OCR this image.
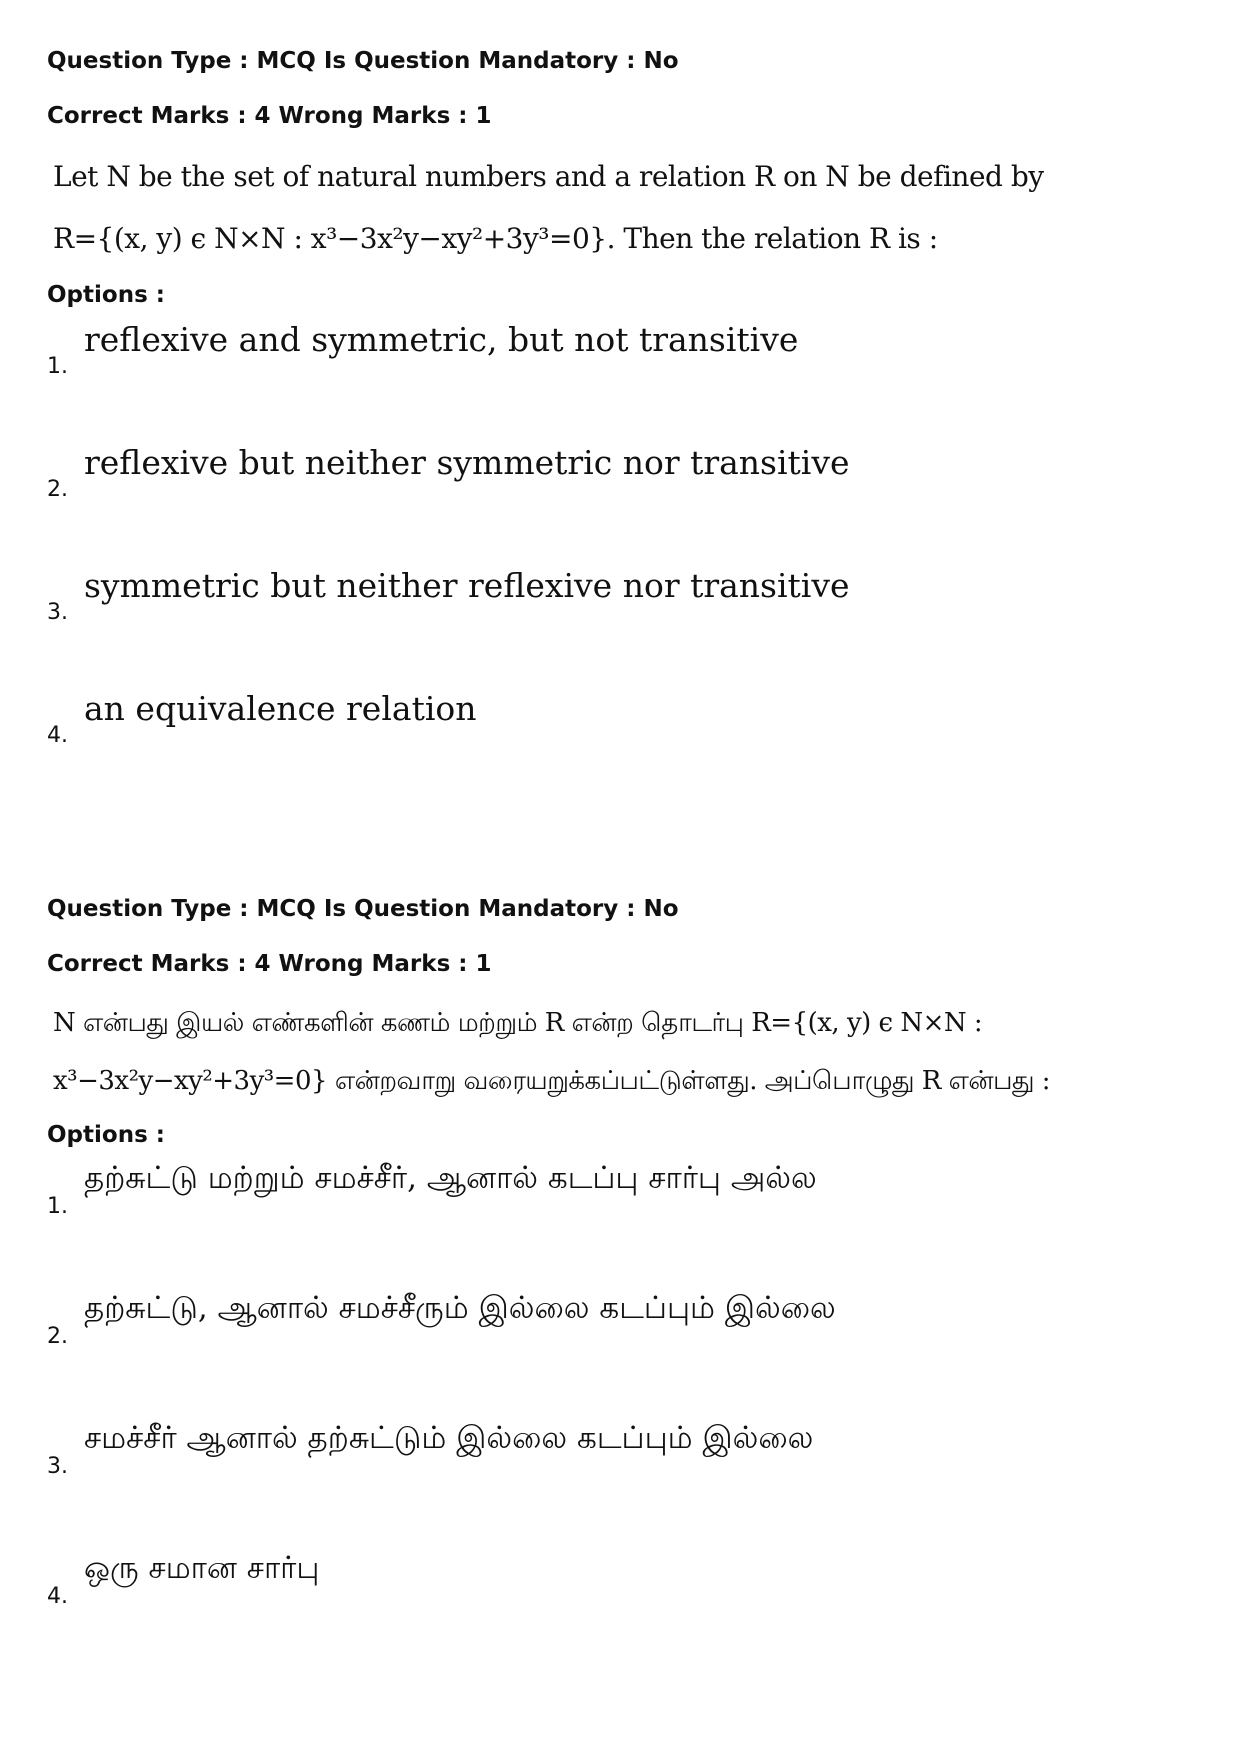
Question Type : MCQ Is Question Mandatory : No
Correct Marks : 4 Wrong Marks : 1
Let N be the set of natural numbers and a relation R on N be defined by
R={(x, y) ϵ N×N : x³−3x²y−xy²+3y³=0}. Then the relation R is :
Options :
1.
reflexive and symmetric, but not transitive
2.
reflexive but neither symmetric nor transitive
3.
symmetric but neither reflexive nor transitive
4.
an equivalence relation
Question Type : MCQ Is Question Mandatory : No
Correct Marks : 4 Wrong Marks : 1
N என்பது இயல் எண்களின் கணம் மற்றும் R என்ற தொடர்பு R={(x, y) ϵ N×N :
x³−3x²y−xy²+3y³=0} என்றவாறு வரையறுக்கப்பட்டுள்ளது. அப்பொழுது R என்பது :
Options :
1.
தற்சுட்டு மற்றும் சமச்சீர், ஆனால் கடப்பு சார்பு அல்ல
2.
தற்சுட்டு, ஆனால் சமச்சீரும் இல்லை கடப்பும் இல்லை
3.
சமச்சீர் ஆனால் தற்சுட்டும் இல்லை கடப்பும் இல்லை
4.
ஒரு சமான சார்பு
